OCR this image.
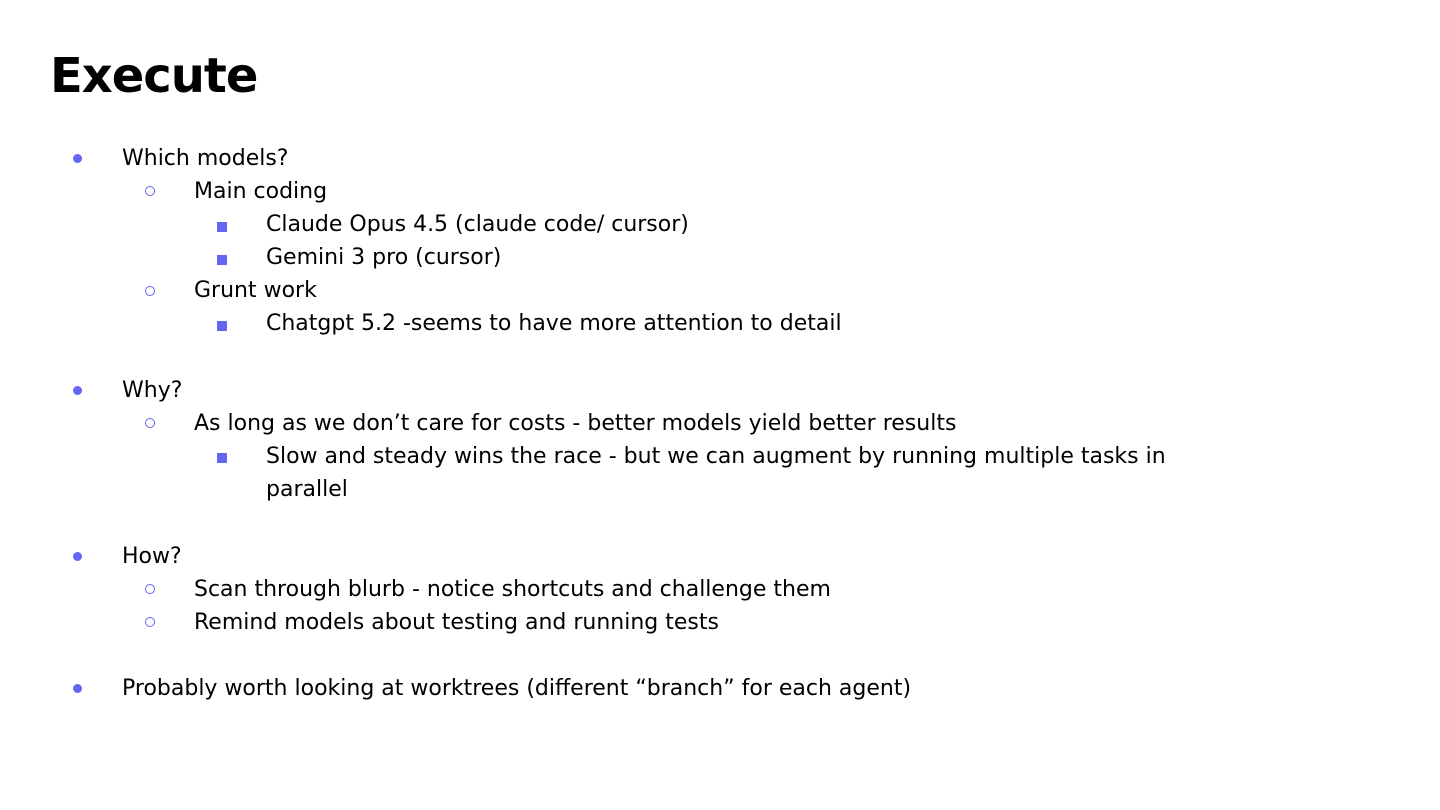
Execute
Which models?
Main coding
Claude Opus 4.5 (claude code/ cursor)
Gemini 3 pro (cursor)
Grunt work
Chatgpt 5.2 -seems to have more attention to detail
Why?
As long as we don’t care for costs - better models yield better results
Slow and steady wins the race - but we can augment by running multiple tasks in
parallel
How?
Scan through blurb - notice shortcuts and challenge them
Remind models about testing and running tests
Probably worth looking at worktrees (different “branch” for each agent)
